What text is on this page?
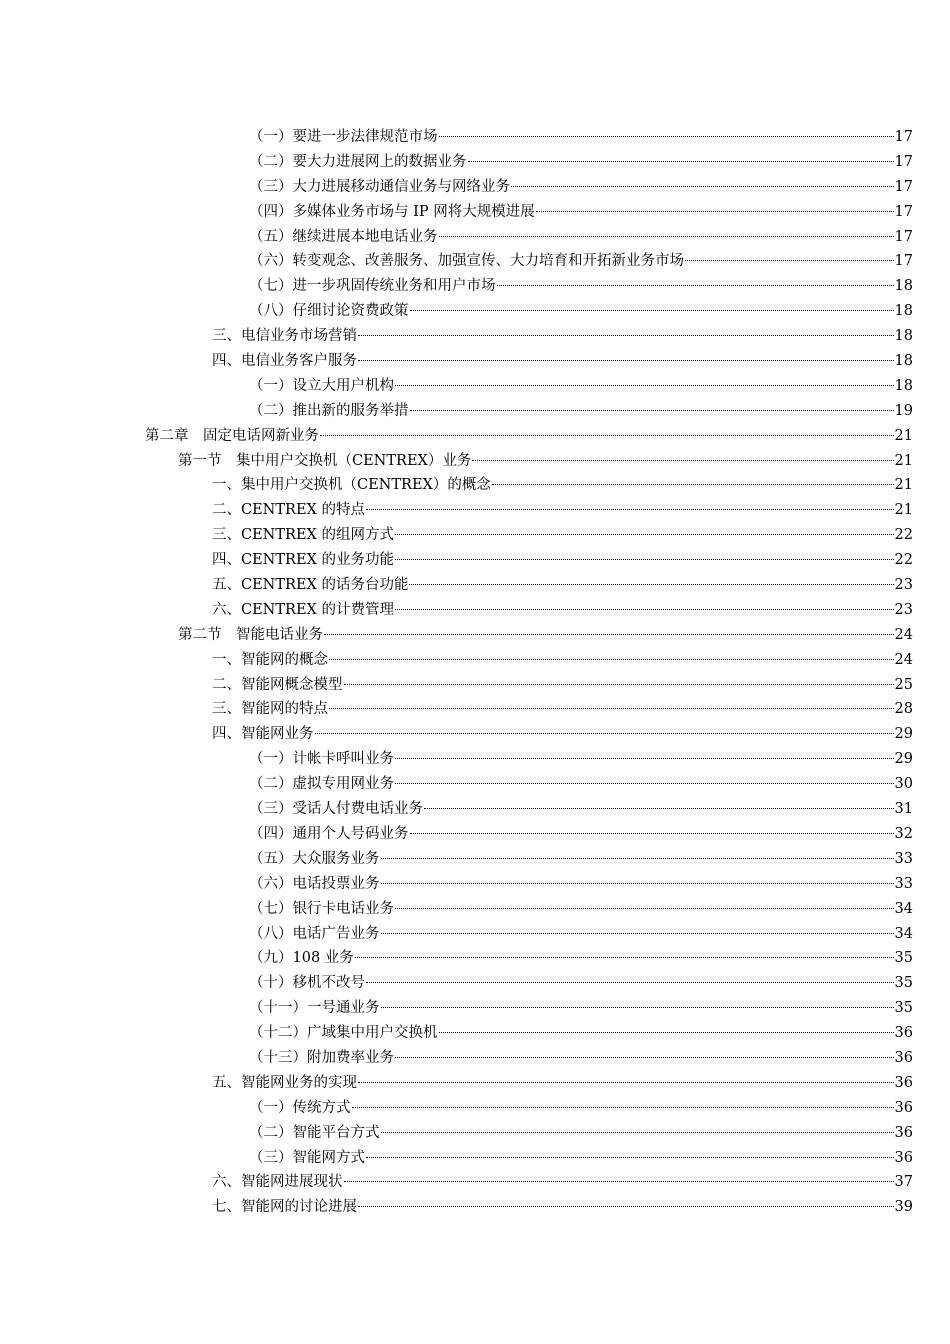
（一）要进一步法律规范市场	17
（二）要大力进展网上的数据业务	17
（三）大力进展移动通信业务与网络业务	17
（四）多媒体业务市场与 IP 网将大规模进展	17
（五）继续进展本地电话业务	17
（六）转变观念、改善服务、加强宣传、大力培育和开拓新业务市场	17
（七）进一步巩固传统业务和用户市场	18
（八）仔细讨论资费政策	18
三、电信业务市场营销	18
四、电信业务客户服务	18
（一）设立大用户机构	18
（二）推出新的服务举措	19
第二章　固定电话网新业务	21
第一节　集中用户交换机（CENTREX）业务	21
一、集中用户交换机（CENTREX）的概念	21
二、CENTREX 的特点	21
三、CENTREX 的组网方式	22
四、CENTREX 的业务功能	22
五、CENTREX 的话务台功能	23
六、CENTREX 的计费管理	23
第二节　智能电话业务	24
一、智能网的概念	24
二、智能网概念模型	25
三、智能网的特点	28
四、智能网业务	29
（一）计帐卡呼叫业务	29
（二）虚拟专用网业务	30
（三）受话人付费电话业务	31
（四）通用个人号码业务	32
（五）大众服务业务	33
（六）电话投票业务	33
（七）银行卡电话业务	34
（八）电话广告业务	34
（九）108 业务	35
（十）移机不改号	35
（十一）一号通业务	35
（十二）广域集中用户交换机	36
（十三）附加费率业务	36
五、智能网业务的实现	36
（一）传统方式	36
（二）智能平台方式	36
（三）智能网方式	36
六、智能网进展现状	37
七、智能网的讨论进展	39
